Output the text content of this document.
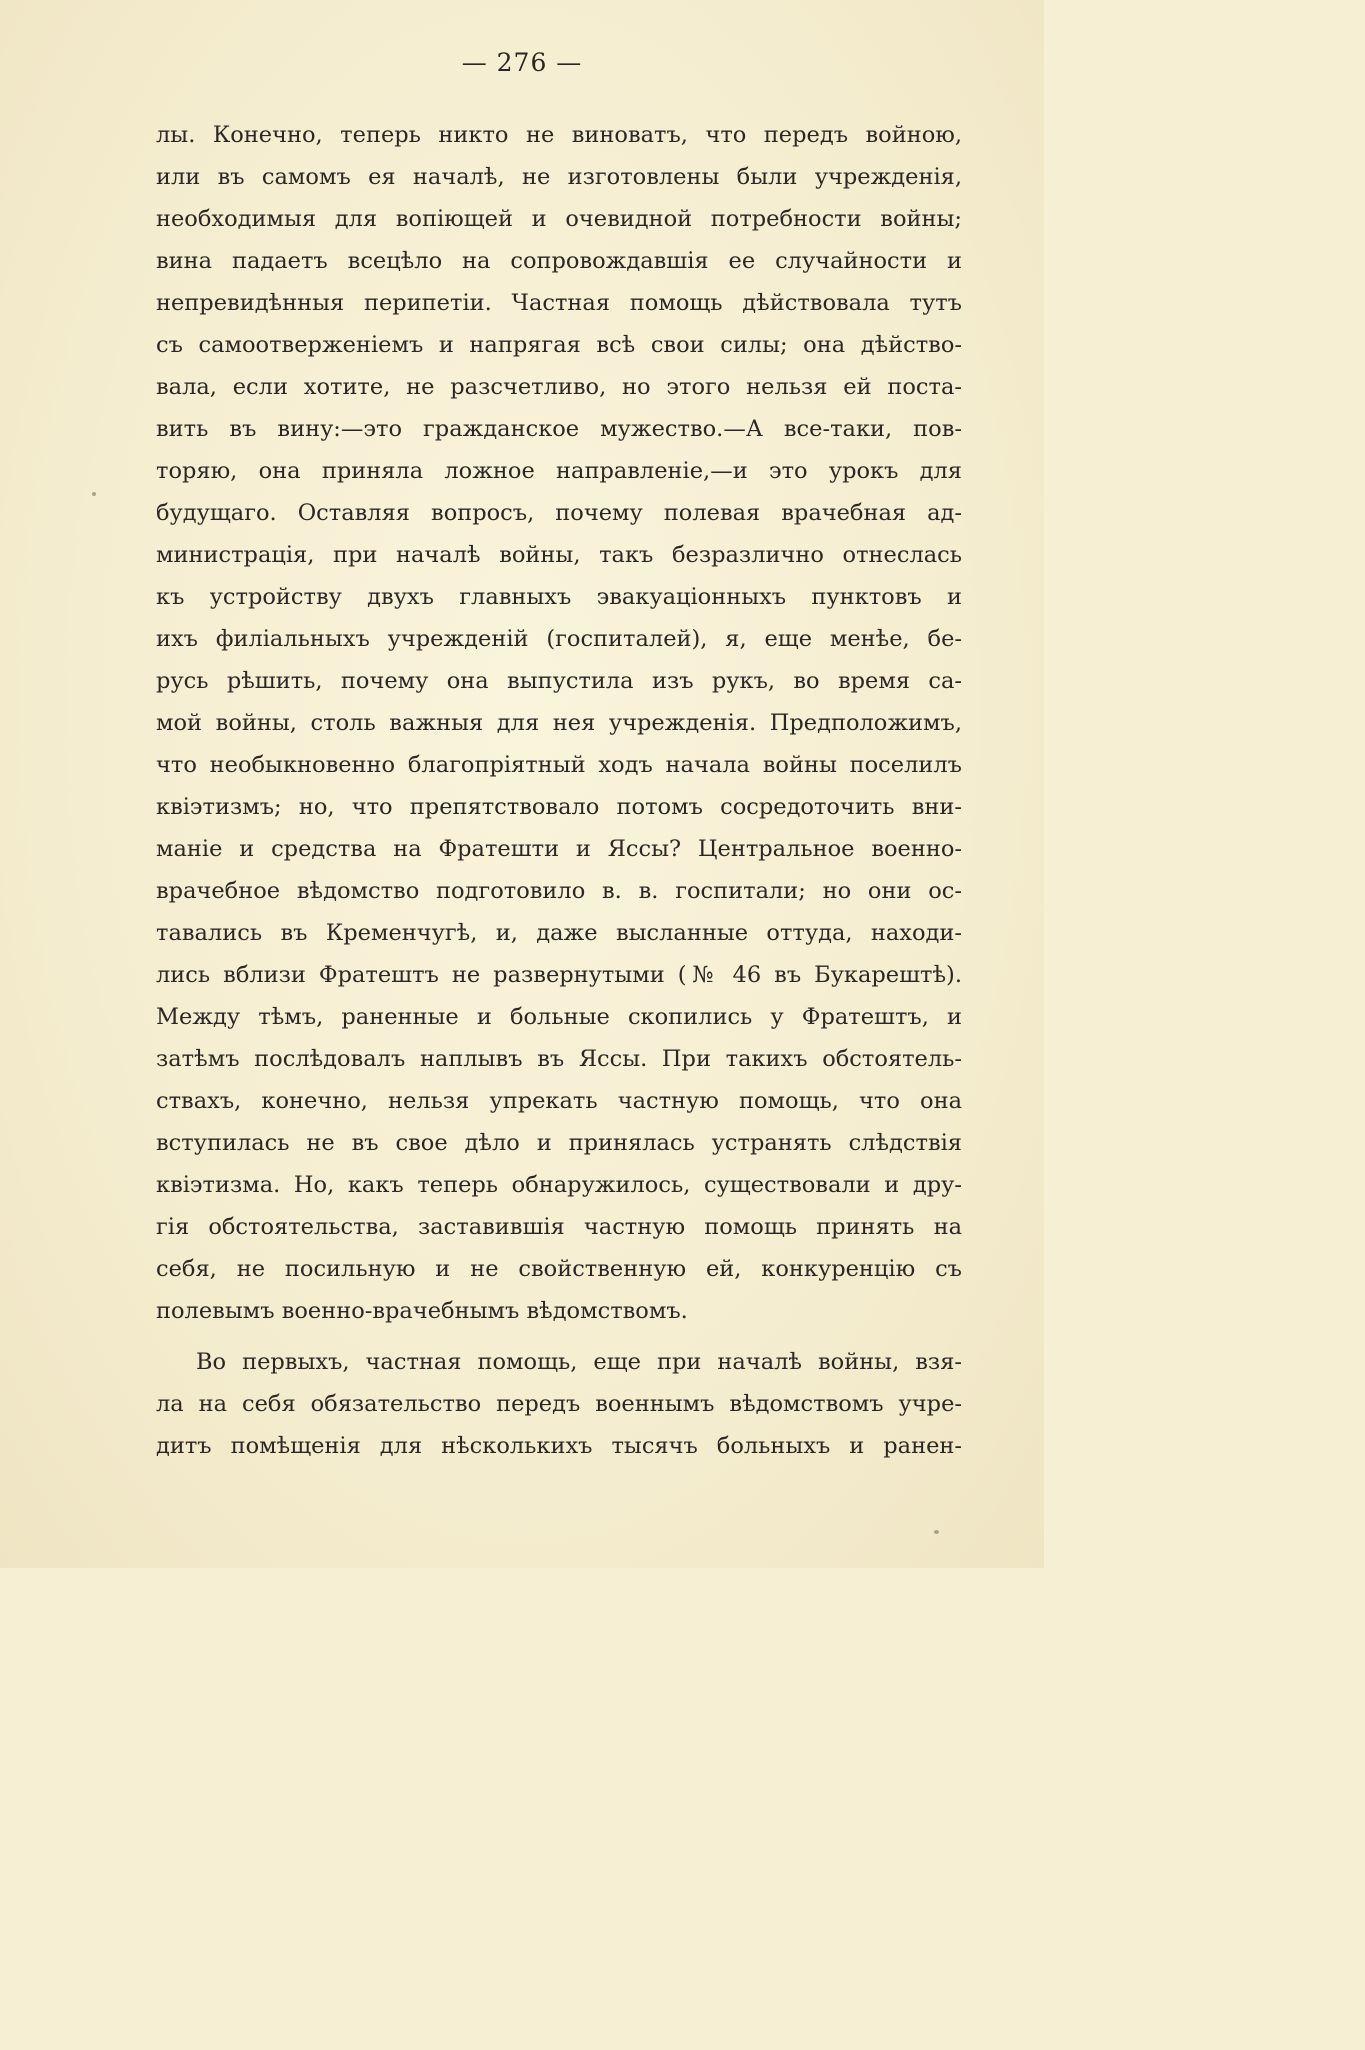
— 276 —
лы. Конечно, теперь никто не виноватъ, что передъ войною,
или въ самомъ ея началѣ, не изготовлены были учрежденія,
необходимыя для вопіющей и очевидной потребности войны;
вина падаетъ всецѣло на сопровождавшія ее случайности и
непревидѣнныя перипетіи. Частная помощь дѣйствовала тутъ
съ самоотверженіемъ и напрягая всѣ свои силы; она дѣйство-
вала, если хотите, не разсчетливо, но этого нельзя ей поста-
вить въ вину:—это гражданское мужество.—А все-таки, пов-
торяю, она приняла ложное направленіе,—и это урокъ для
будущаго. Оставляя вопросъ, почему полевая врачебная ад-
министрація, при началѣ войны, такъ безразлично отнеслась
къ устройству двухъ главныхъ эвакуаціонныхъ пунктовъ и
ихъ филіальныхъ учрежденій (госпиталей), я, еще менѣе, бе-
русь рѣшить, почему она выпустила изъ рукъ, во время са-
мой войны, столь важныя для нея учрежденія. Предположимъ,
что необыкновенно благопріятный ходъ начала войны поселилъ
квіэтизмъ; но, что препятствовало потомъ сосредоточить вни-
маніе и средства на Фратешти и Яссы? Центральное военно-
врачебное вѣдомство подготовило в. в. госпитали; но они ос-
тавались въ Кременчугѣ, и, даже высланные оттуда, находи-
лись вблизи Фратештъ не развернутыми (№ 46 въ Букарештѣ).
Между тѣмъ, раненные и больные скопились у Фратештъ, и
затѣмъ послѣдовалъ наплывъ въ Яссы. При такихъ обстоятель-
ствахъ, конечно, нельзя упрекать частную помощь, что она
вступилась не въ свое дѣло и принялась устранять слѣдствія
квіэтизма. Но, какъ теперь обнаружилось, существовали и дру-
гія обстоятельства, заставившія частную помощь принять на
себя, не посильную и не свойственную ей, конкуренцію съ
полевымъ военно-врачебнымъ вѣдомствомъ.
Во первыхъ, частная помощь, еще при началѣ войны, взя-
ла на себя обязательство передъ военнымъ вѣдомствомъ учре-
дитъ помѣщенія для нѣсколькихъ тысячъ больныхъ и ранен-
